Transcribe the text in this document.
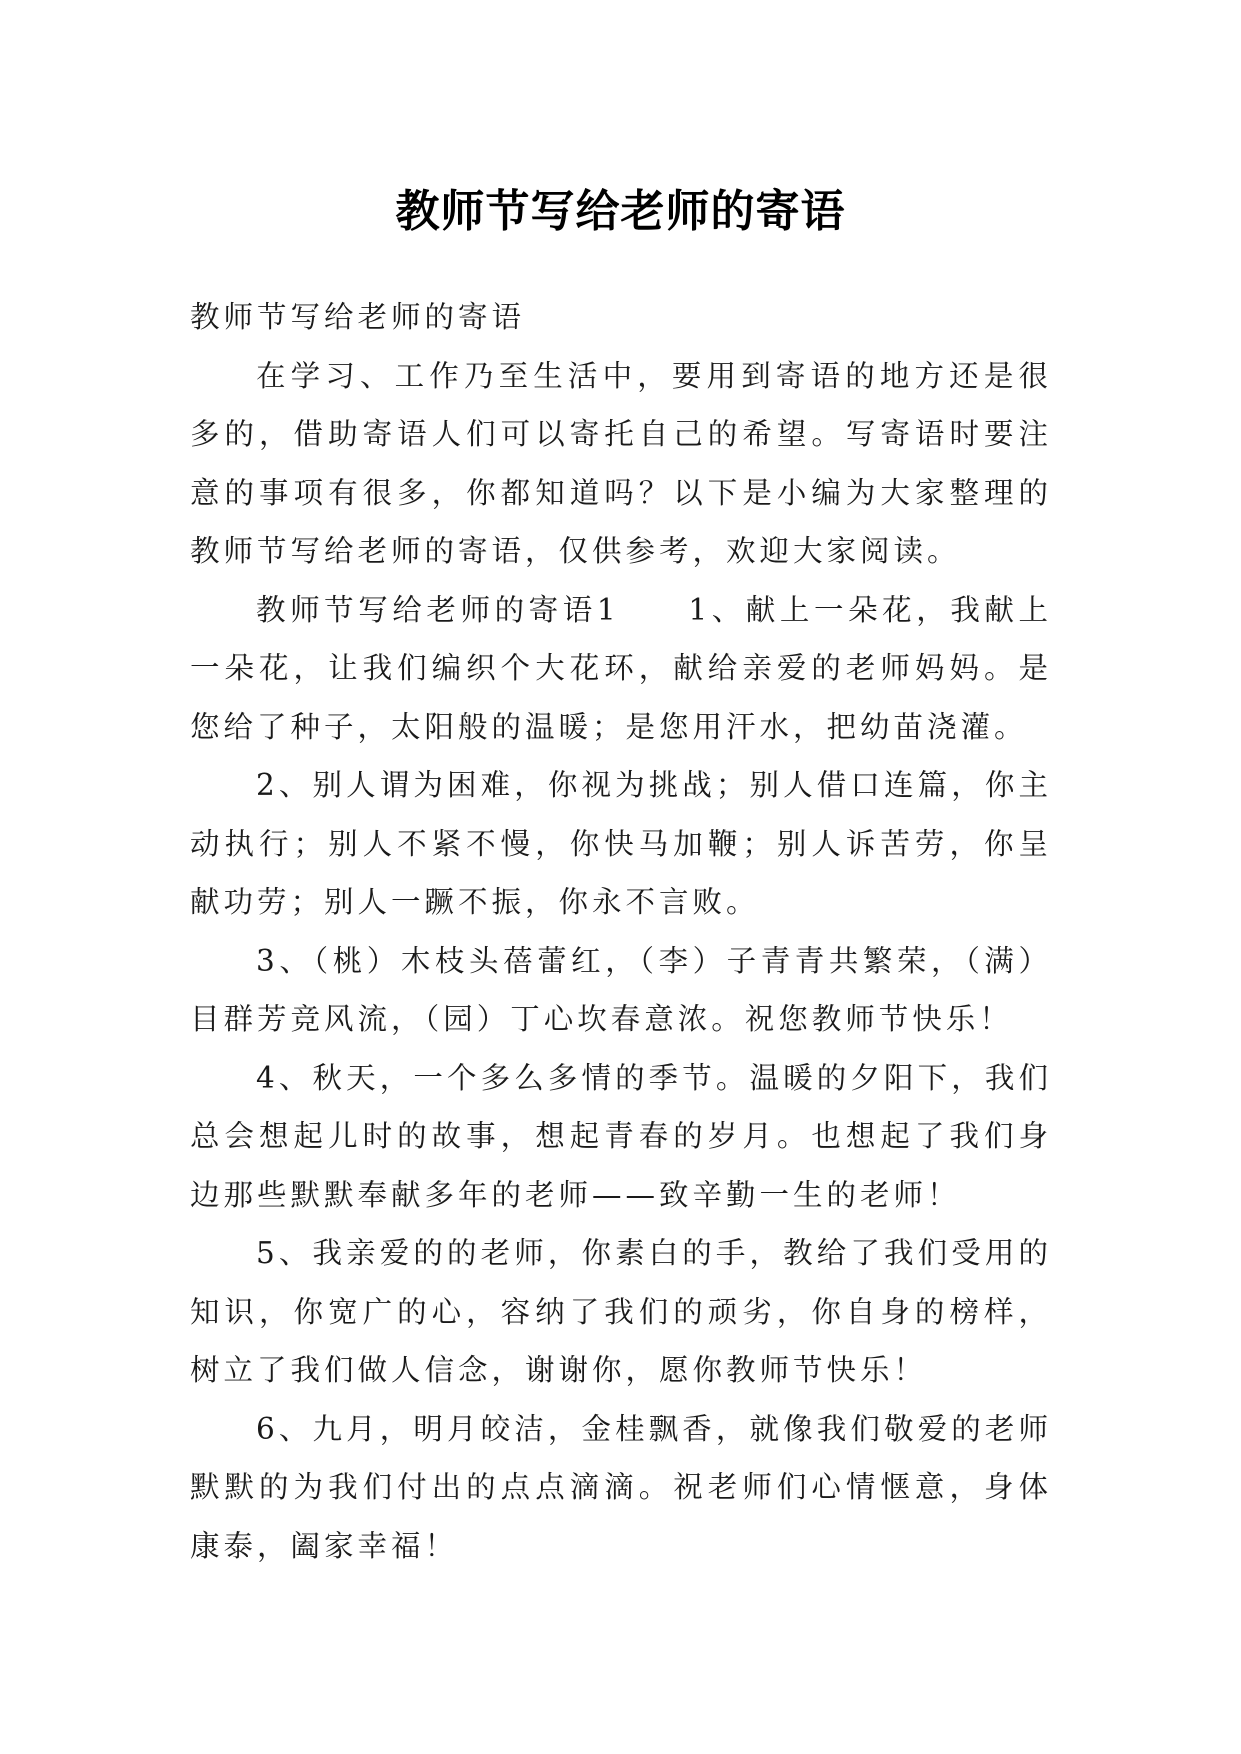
教师节写给老师的寄语

教师节写给老师的寄语

在学习、工作乃至生活中，要用到寄语的地方还是很多的，借助寄语人们可以寄托自己的希望。写寄语时要注意的事项有很多，你都知道吗？以下是小编为大家整理的教师节写给老师的寄语，仅供参考，欢迎大家阅读。

教师节写给老师的寄语1　　1、献上一朵花，我献上一朵花，让我们编织个大花环，献给亲爱的老师妈妈。是您给了种子，太阳般的温暖；是您用汗水，把幼苗浇灌。

2、别人谓为困难，你视为挑战；别人借口连篇，你主动执行；别人不紧不慢，你快马加鞭；别人诉苦劳，你呈献功劳；别人一蹶不振，你永不言败。

3、（桃）木枝头蓓蕾红，（李）子青青共繁荣，（满）目群芳竞风流，（园）丁心坎春意浓。祝您教师节快乐！

4、秋天，一个多么多情的季节。温暖的夕阳下，我们总会想起儿时的故事，想起青春的岁月。也想起了我们身边那些默默奉献多年的老师——致辛勤一生的老师！

5、我亲爱的的老师，你素白的手，教给了我们受用的知识，你宽广的心，容纳了我们的顽劣，你自身的榜样，树立了我们做人信念，谢谢你，愿你教师节快乐！

6、九月，明月皎洁，金桂飘香，就像我们敬爱的老师默默的为我们付出的点点滴滴。祝老师们心情惬意，身体康泰，阖家幸福！
